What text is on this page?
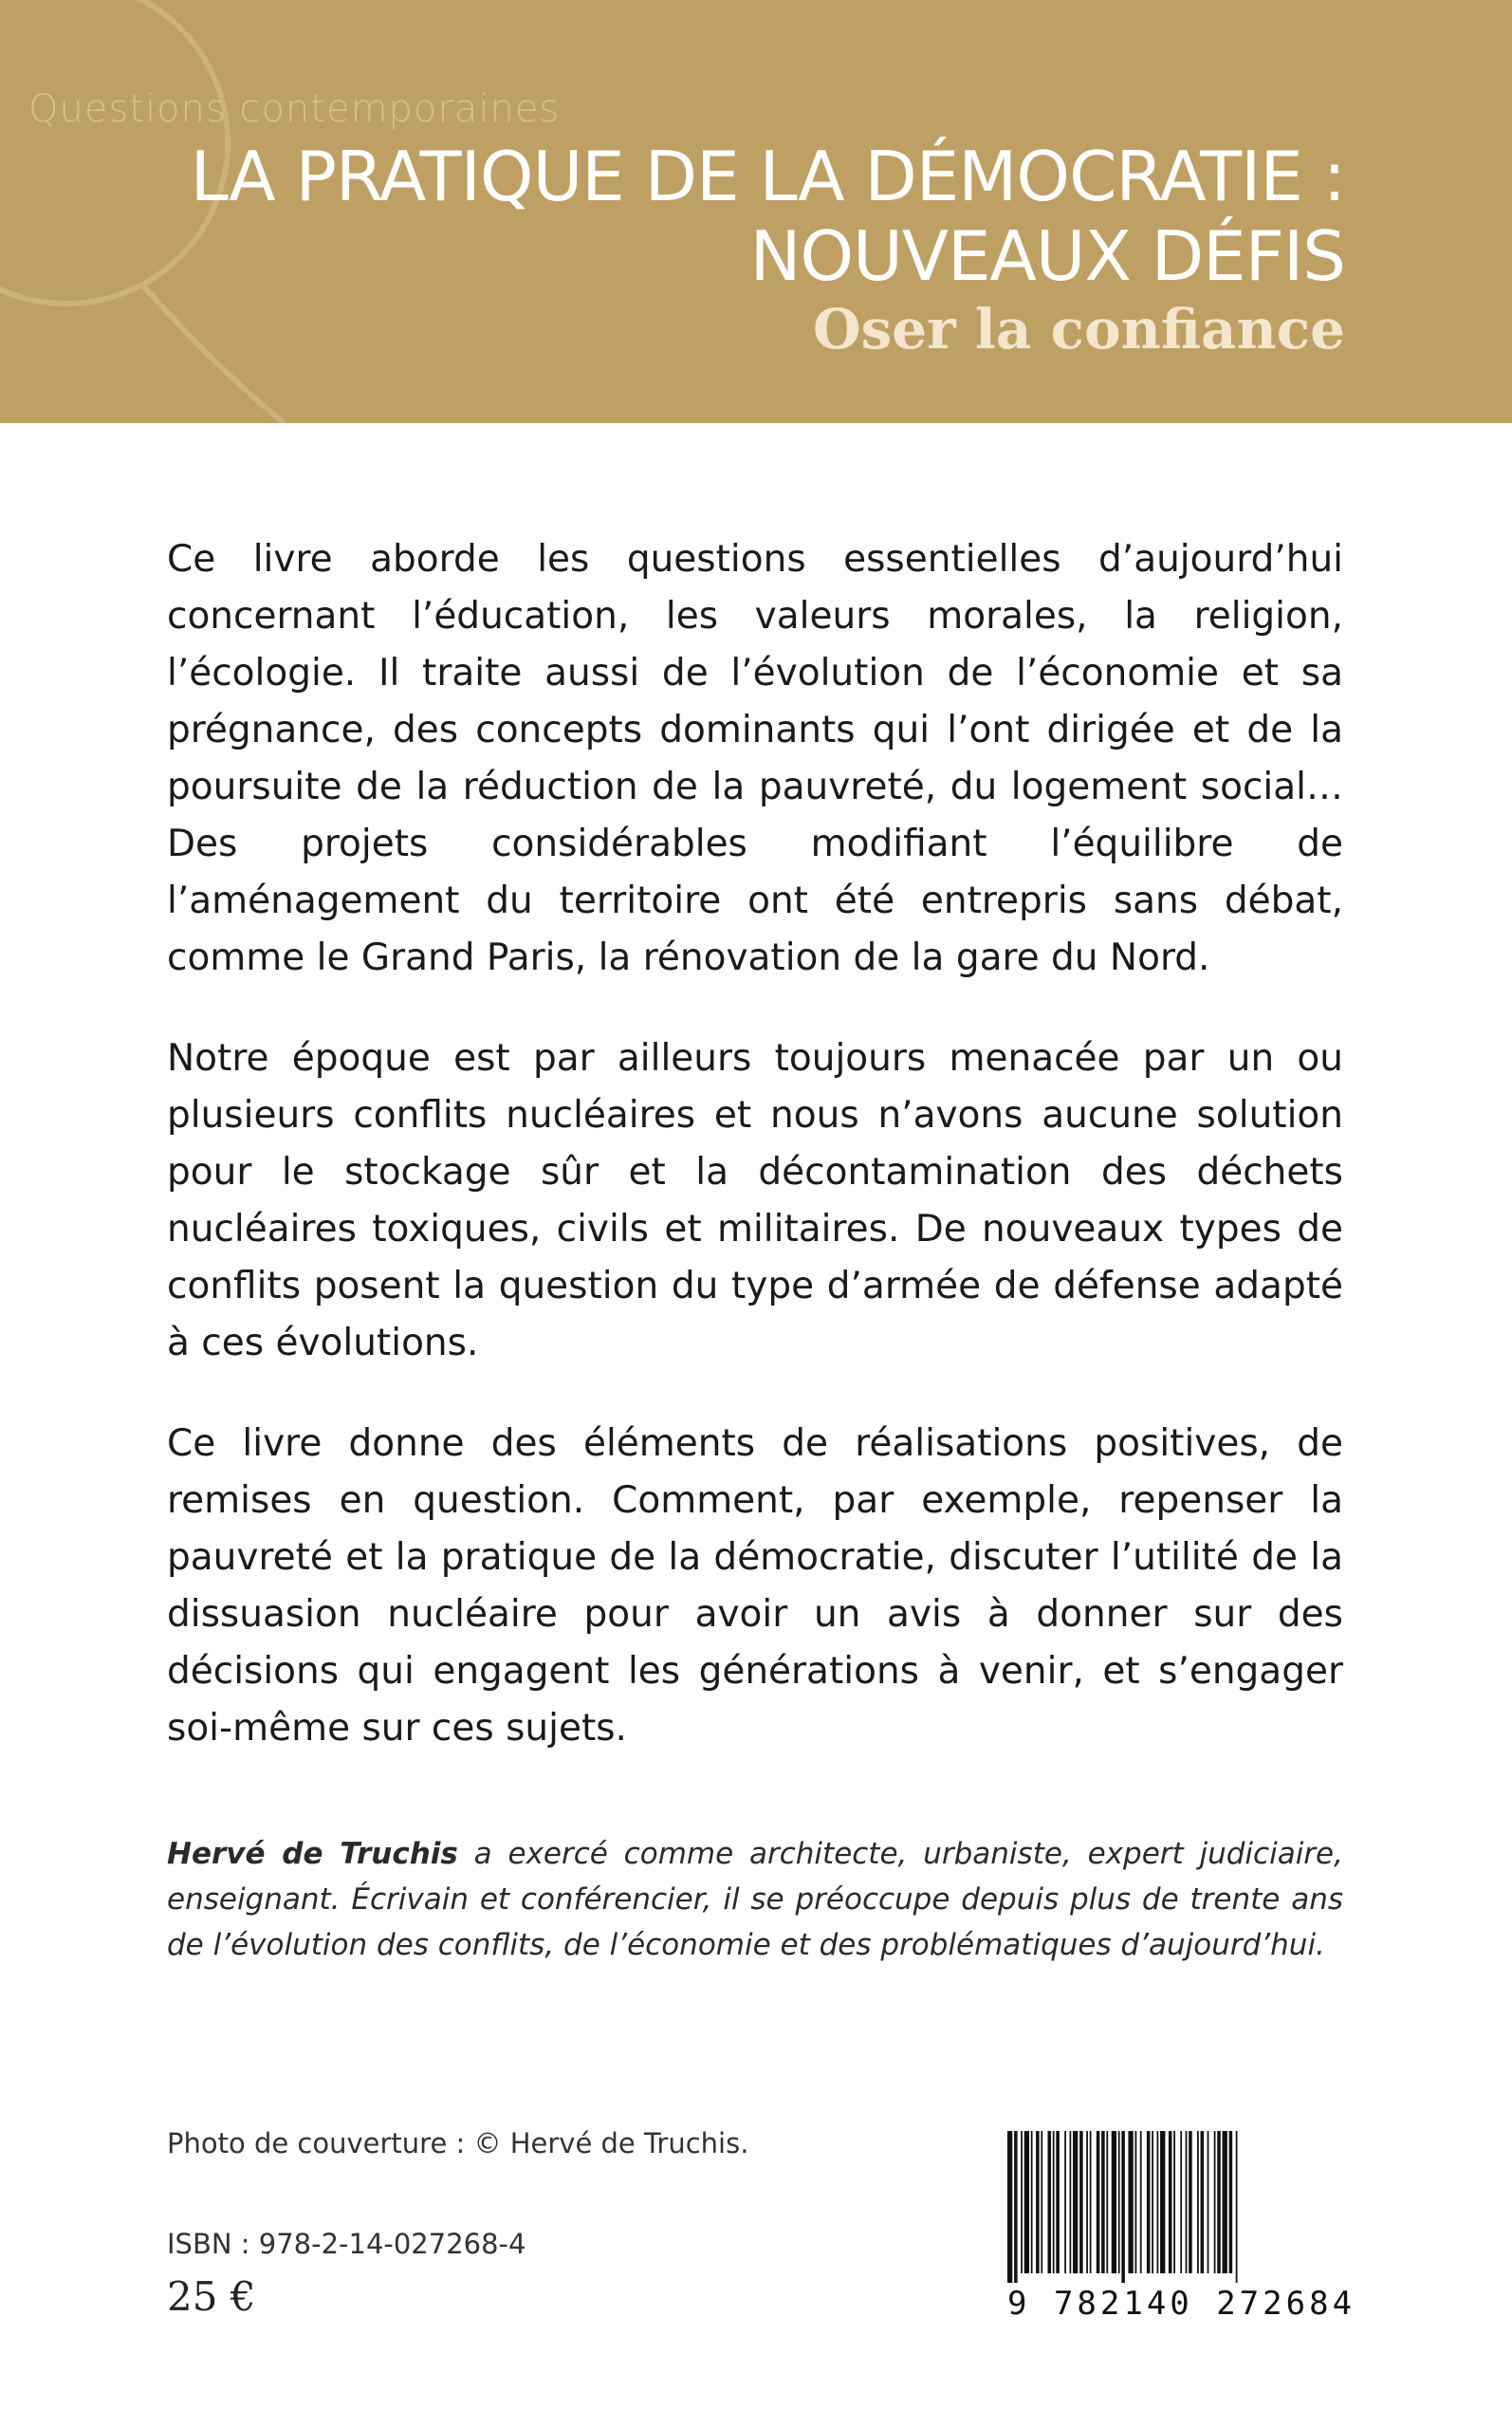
Questions contemporaines
LA PRATIQUE DE LA DÉMOCRATIE :
NOUVEAUX DÉFIS
Oser la confiance

Ce livre aborde les questions essentielles d’aujourd’hui concernant l’éducation, les valeurs morales, la religion, l’écologie. Il traite aussi de l’évolution de l’économie et sa prégnance, des concepts dominants qui l’ont dirigée et de la poursuite de la réduction de la pauvreté, du logement social… Des projets considérables modifiant l’équilibre de l’aménagement du territoire ont été entrepris sans débat, comme le Grand Paris, la rénovation de la gare du Nord.

Notre époque est par ailleurs toujours menacée par un ou plusieurs conflits nucléaires et nous n’avons aucune solution pour le stockage sûr et la décontamination des déchets nucléaires toxiques, civils et militaires. De nouveaux types de conflits posent la question du type d’armée de défense adapté à ces évolutions.

Ce livre donne des éléments de réalisations positives, de remises en question. Comment, par exemple, repenser la pauvreté et la pratique de la démocratie, discuter l’utilité de la dissuasion nucléaire pour avoir un avis à donner sur des décisions qui engagent les générations à venir, et s’engager soi-même sur ces sujets.

Hervé de Truchis a exercé comme architecte, urbaniste, expert judiciaire, enseignant. Écrivain et conférencier, il se préoccupe depuis plus de trente ans de l’évolution des conflits, de l’économie et des problématiques d’aujourd’hui.
Photo de couverture : © Hervé de Truchis.
ISBN : 978-2-14-027268-4
25 €	9 782140 272684
